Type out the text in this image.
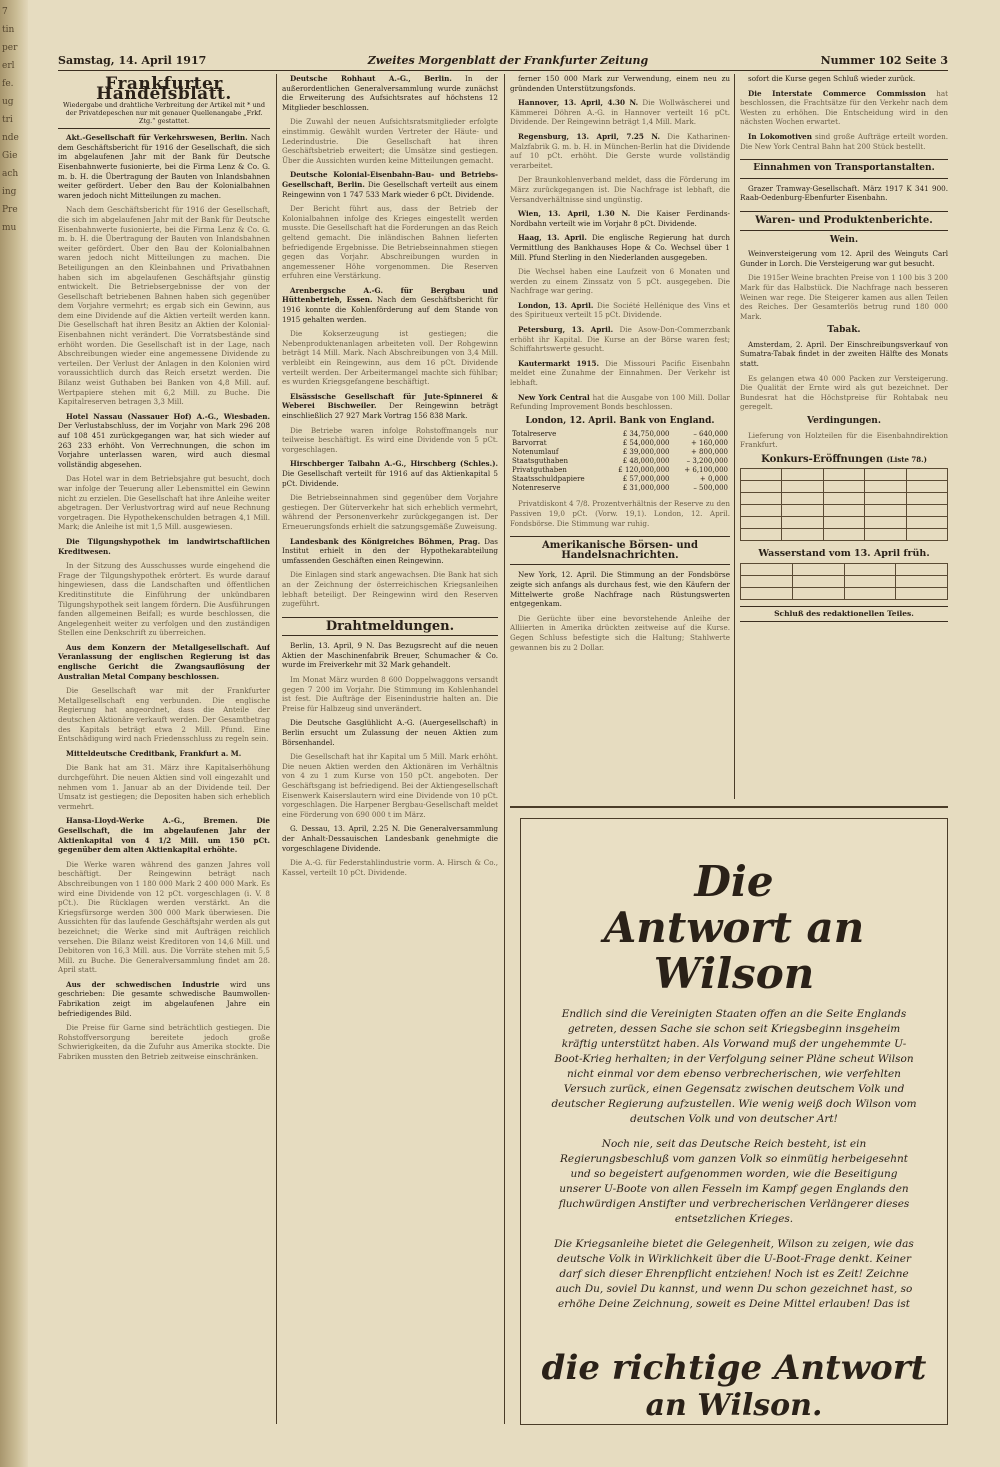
7
tin
per
erl
fe.
ug
tri
nde
Gie
ach
ing
Pre
mu
Samstag, 14. April 1917	Zweites Morgenblatt der Frankfurter Zeitung	Nummer 102 Seite 3
Frankfurter Handelsblatt.
Wiedergabe und drahtliche Verbreitung der Artikel mit * und der Privatdepeschen nur mit genauer Quellenangabe „Frkf. Ztg.“ gestattet.

Akt.-Gesellschaft für Verkehrswesen, Berlin. Nach dem Geschäftsbericht für 1916 der Gesellschaft, die sich im abgelaufenen Jahr mit der Bank für Deutsche Eisenbahnwerte fusionierte, bei die Firma Lenz & Co. G. m. b. H. die Übertragung der Bauten von Inlandsbahnen weiter gefördert. Ueber den Bau der Kolonialbahnen waren jedoch nicht Mitteilungen zu machen.

Nach dem Geschäftsbericht für 1916 der Gesellschaft, die sich im abgelaufenen Jahr mit der Bank für Deutsche Eisenbahnwerte fusionierte, bei die Firma Lenz & Co. G. m. b. H. die Übertragung der Bauten von Inlandsbahnen weiter gefördert. Über den Bau der Kolonialbahnen waren jedoch nicht Mitteilungen zu machen. Die Beteiligungen an den Kleinbahnen und Privatbahnen haben sich im abgelaufenen Geschäftsjahr günstig entwickelt. Die Betriebsergebnisse der von der Gesellschaft betriebenen Bahnen haben sich gegenüber dem Vorjahre vermehrt; es ergab sich ein Gewinn, aus dem eine Dividende auf die Aktien verteilt werden kann. Die Gesellschaft hat ihren Besitz an Aktien der Kolonial-Eisenbahnen nicht verändert. Die Vorratsbestände sind erhöht worden. Die Gesellschaft ist in der Lage, nach Abschreibungen wieder eine angemessene Dividende zu verteilen. Der Verlust der Anlagen in den Kolonien wird voraussichtlich durch das Reich ersetzt werden. Die Bilanz weist Guthaben bei Banken von 4,8 Mill. auf. Wertpapiere stehen mit 6,2 Mill. zu Buche. Die Kapitalreserven betragen 3,3 Mill.

Hotel Nassau (Nassauer Hof) A.-G., Wiesbaden. Der Verlustabschluss, der im Vorjahr von Mark 296 208 auf 108 451 zurückgegangen war, hat sich wieder auf 263 233 erhöht. Von Verrechnungen, die schon im Vorjahre unterlassen waren, wird auch diesmal vollständig abgesehen.

Das Hotel war in dem Betriebsjahre gut besucht, doch war infolge der Teuerung aller Lebensmittel ein Gewinn nicht zu erzielen. Die Gesellschaft hat ihre Anleihe weiter abgetragen. Der Verlustvortrag wird auf neue Rechnung vorgetragen. Die Hypothekenschulden betragen 4,1 Mill. Mark; die Anleihe ist mit 1,5 Mill. ausgewiesen.

Die Tilgungshypothek im landwirtschaftlichen Kreditwesen.

In der Sitzung des Ausschusses wurde eingehend die Frage der Tilgungshypothek erörtert. Es wurde darauf hingewiesen, dass die Landschaften und öffentlichen Kreditinstitute die Einführung der unkündbaren Tilgungshypothek seit langem fördern. Die Ausführungen fanden allgemeinen Beifall; es wurde beschlossen, die Angelegenheit weiter zu verfolgen und den zuständigen Stellen eine Denkschrift zu überreichen.

Aus dem Konzern der Metallgesellschaft. Auf Veranlassung der englischen Regierung ist das englische Gericht die Zwangsauflösung der Australian Metal Company beschlossen.

Die Gesellschaft war mit der Frankfurter Metallgesellschaft eng verbunden. Die englische Regierung hat angeordnet, dass die Anteile der deutschen Aktionäre verkauft werden. Der Gesamtbetrag des Kapitals beträgt etwa 2 Mill. Pfund. Eine Entschädigung wird nach Friedensschluss zu regeln sein.

Mitteldeutsche Creditbank, Frankfurt a. M.

Die Bank hat am 31. März ihre Kapitalserhöhung durchgeführt. Die neuen Aktien sind voll eingezahlt und nehmen vom 1. Januar ab an der Dividende teil. Der Umsatz ist gestiegen; die Depositen haben sich erheblich vermehrt.

Hansa-Lloyd-Werke A.-G., Bremen. Die Gesellschaft, die im abgelaufenen Jahr der Aktienkapital von 4 1/2 Mill. um 150 pCt. gegenüber dem alten Aktienkapital erhöhte.

Die Werke waren während des ganzen Jahres voll beschäftigt. Der Reingewinn beträgt nach Abschreibungen von 1 180 000 Mark 2 400 000 Mark. Es wird eine Dividende von 12 pCt. vorgeschlagen (i. V. 8 pCt.). Die Rücklagen werden verstärkt. An die Kriegsfürsorge werden 300 000 Mark überwiesen. Die Aussichten für das laufende Geschäftsjahr werden als gut bezeichnet; die Werke sind mit Aufträgen reichlich versehen. Die Bilanz weist Kreditoren von 14,6 Mill. und Debitoren von 16,3 Mill. aus. Die Vorräte stehen mit 5,5 Mill. zu Buche. Die Generalversammlung findet am 28. April statt.

Aus der schwedischen Industrie wird uns geschrieben: Die gesamte schwedische Baumwollen-Fabrikation zeigt im abgelaufenen Jahre ein befriedigendes Bild.

Die Preise für Garne sind beträchtlich gestiegen. Die Rohstoffversorgung bereitete jedoch große Schwierigkeiten, da die Zufuhr aus Amerika stockte. Die Fabriken mussten den Betrieb zeitweise einschränken.

Deutsche Rohhaut A.-G., Berlin. In der außerordentlichen Generalversammlung wurde zunächst die Erweiterung des Aufsichtsrates auf höchstens 12 Mitglieder beschlossen.

Die Zuwahl der neuen Aufsichtsratsmitglieder erfolgte einstimmig. Gewählt wurden Vertreter der Häute- und Lederindustrie. Die Gesellschaft hat ihren Geschäftsbetrieb erweitert; die Umsätze sind gestiegen. Über die Aussichten wurden keine Mitteilungen gemacht.

Deutsche Kolonial-Eisenbahn-Bau- und Betriebs-Gesellschaft, Berlin. Die Gesellschaft verteilt aus einem Reingewinn von 1 747 533 Mark wieder 6 pCt. Dividende.

Der Bericht führt aus, dass der Betrieb der Kolonialbahnen infolge des Krieges eingestellt werden musste. Die Gesellschaft hat die Forderungen an das Reich geltend gemacht. Die inländischen Bahnen lieferten befriedigende Ergebnisse. Die Betriebseinnahmen stiegen gegen das Vorjahr. Abschreibungen wurden in angemessener Höhe vorgenommen. Die Reserven erfuhren eine Verstärkung.

Arenbergsche A.-G. für Bergbau und Hüttenbetrieb, Essen. Nach dem Geschäftsbericht für 1916 konnte die Kohlenförderung auf dem Stande von 1915 gehalten werden.

Die Kokserzeugung ist gestiegen; die Nebenproduktenanlagen arbeiteten voll. Der Rohgewinn beträgt 14 Mill. Mark. Nach Abschreibungen von 3,4 Mill. verbleibt ein Reingewinn, aus dem 16 pCt. Dividende verteilt werden. Der Arbeitermangel machte sich fühlbar; es wurden Kriegsgefangene beschäftigt.

Elsässische Gesellschaft für Jute-Spinnerei & Weberei Bischweiler. Der Reingewinn beträgt einschließlich 27 927 Mark Vortrag 156 838 Mark.

Die Betriebe waren infolge Rohstoffmangels nur teilweise beschäftigt. Es wird eine Dividende von 5 pCt. vorgeschlagen.

Hirschberger Talbahn A.-G., Hirschberg (Schles.). Die Gesellschaft verteilt für 1916 auf das Aktienkapital 5 pCt. Dividende.

Die Betriebseinnahmen sind gegenüber dem Vorjahre gestiegen. Der Güterverkehr hat sich erheblich vermehrt, während der Personenverkehr zurückgegangen ist. Der Erneuerungsfonds erhielt die satzungsgemäße Zuweisung.

Landesbank des Königreiches Böhmen, Prag. Das Institut erhielt in den der Hypothekarabteilung umfassenden Geschäften einen Reingewinn.

Die Einlagen sind stark angewachsen. Die Bank hat sich an der Zeichnung der österreichischen Kriegsanleihen lebhaft beteiligt. Der Reingewinn wird den Reserven zugeführt.

Drahtmeldungen.

Berlin, 13. April, 9 N. Das Bezugsrecht auf die neuen Aktien der Maschinenfabrik Breuer, Schumacher & Co. wurde im Freiverkehr mit 32 Mark gehandelt.

Im Monat März wurden 8 600 Doppelwaggons versandt gegen 7 200 im Vorjahr. Die Stimmung im Kohlenhandel ist fest. Die Aufträge der Eisenindustrie halten an. Die Preise für Halbzeug sind unverändert.

Die Deutsche Gasglühlicht A.-G. (Auergesellschaft) in Berlin ersucht um Zulassung der neuen Aktien zum Börsenhandel.

Die Gesellschaft hat ihr Kapital um 5 Mill. Mark erhöht. Die neuen Aktien werden den Aktionären im Verhältnis von 4 zu 1 zum Kurse von 150 pCt. angeboten. Der Geschäftsgang ist befriedigend. Bei der Aktiengesellschaft Eisenwerk Kaiserslautern wird eine Dividende von 10 pCt. vorgeschlagen. Die Harpener Bergbau-Gesellschaft meldet eine Förderung von 690 000 t im März.

G. Dessau, 13. April, 2.25 N. Die Generalversammlung der Anhalt-Dessauischen Landesbank genehmigte die vorgeschlagene Dividende.

Die A.-G. für Federstahlindustrie vorm. A. Hirsch & Co., Kassel, verteilt 10 pCt. Dividende.

ferner 150 000 Mark zur Verwendung, einem neu zu gründenden Unterstützungsfonds.

Hannover, 13. April, 4.30 N. Die Wollwäscherei und Kämmerei Döhren A.-G. in Hannover verteilt 16 pCt. Dividende. Der Reingewinn beträgt 1,4 Mill. Mark.

Regensburg, 13. April, 7.25 N. Die Katharinen-Malzfabrik G. m. b. H. in München-Berlin hat die Dividende auf 10 pCt. erhöht. Die Gerste wurde vollständig verarbeitet.

Der Braunkohlenverband meldet, dass die Förderung im März zurückgegangen ist. Die Nachfrage ist lebhaft, die Versandverhältnisse sind ungünstig.

Wien, 13. April, 1.30 N. Die Kaiser Ferdinands-Nordbahn verteilt wie im Vorjahr 8 pCt. Dividende.

Haag, 13. April. Die englische Regierung hat durch Vermittlung des Bankhauses Hope & Co. Wechsel über 1 Mill. Pfund Sterling in den Niederlanden ausgegeben.

Die Wechsel haben eine Laufzeit von 6 Monaten und werden zu einem Zinssatz von 5 pCt. ausgegeben. Die Nachfrage war gering.

London, 13. April. Die Société Hellénique des Vins et des Spiritueux verteilt 15 pCt. Dividende.

Petersburg, 13. April. Die Asow-Don-Commerzbank erhöht ihr Kapital. Die Kurse an der Börse waren fest; Schiffahrtswerte gesucht.

Kautermarkt 1915. Die Missouri Pacific Eisenbahn meldet eine Zunahme der Einnahmen. Der Verkehr ist lebhaft.

New York Central hat die Ausgabe von 100 Mill. Dollar Refunding Improvement Bonds beschlossen.

London, 12. April. Bank von England.
Totalreserve	£ 34,750,000	– 640,000
Barvorrat	£ 54,000,000	+ 160,000
Notenumlauf	£ 39,000,000	+ 800,000
Staatsguthaben	£ 48,000,000	– 3,200,000
Privatguthaben	£ 120,000,000	+ 6,100,000
Staatsschuldpapiere	£ 57,000,000	+ 0,000
Notenreserve	£ 31,000,000	– 500,000

Privatdiskont 4 7/8. Prozentverhältnis der Reserve zu den Passiven 19,0 pCt. (Vorw. 19,1). London, 12. April. Fondsbörse. Die Stimmung war ruhig.

Amerikanische Börsen- und Handelsnachrichten.

New York, 12. April. Die Stimmung an der Fondsbörse zeigte sich anfangs als durchaus fest, wie den Käufern der Mittelwerte große Nachfrage nach Rüstungswerten entgegenkam.

Die Gerüchte über eine bevorstehende Anleihe der Alliierten in Amerika drückten zeitweise auf die Kurse. Gegen Schluss befestigte sich die Haltung; Stahlwerte gewannen bis zu 2 Dollar.

sofort die Kurse gegen Schluß wieder zurück.

Die Interstate Commerce Commission hat beschlossen, die Frachtsätze für den Verkehr nach dem Westen zu erhöhen. Die Entscheidung wird in den nächsten Wochen erwartet.

In Lokomotiven sind große Aufträge erteilt worden. Die New York Central Bahn hat 200 Stück bestellt.

Einnahmen von Transportanstalten.

Grazer Tramway-Gesellschaft. März 1917 K 341 900. Raab-Oedenburg-Ebenfurter Eisenbahn.

Waren- und Produktenberichte.
Wein.

Weinversteigerung vom 12. April des Weinguts Carl Gunder in Lorch. Die Versteigerung war gut besucht.

Die 1915er Weine brachten Preise von 1 100 bis 3 200 Mark für das Halbstück. Die Nachfrage nach besseren Weinen war rege. Die Steigerer kamen aus allen Teilen des Reiches. Der Gesamterlös betrug rund 180 000 Mark.

Tabak.

Amsterdam, 2. April. Der Einschreibungsverkauf von Sumatra-Tabak findet in der zweiten Hälfte des Monats statt.

Es gelangen etwa 40 000 Packen zur Versteigerung. Die Qualität der Ernte wird als gut bezeichnet. Der Bundesrat hat die Höchstpreise für Rohtabak neu geregelt.

Verdingungen.

Lieferung von Holzteilen für die Eisenbahndirektion Frankfurt.

Konkurs-Eröffnungen (Liste 78.)

Wasserstand vom 13. April früh.

Schluß des redaktionellen Teiles.
Die
Antwort an Wilson
Endlich sind die Vereinigten Staaten offen an die Seite Englands getreten, dessen Sache sie schon seit Kriegsbeginn insgeheim kräftig unterstützt haben. Als Vorwand muß der ungehemmte U-Boot-Krieg herhalten; in der Verfolgung seiner Pläne scheut Wilson nicht einmal vor dem ebenso verbrecherischen, wie verfehlten Versuch zurück, einen Gegensatz zwischen deutschem Volk und deutscher Regierung aufzustellen. Wie wenig weiß doch Wilson vom deutschen Volk und von deutscher Art!
Noch nie, seit das Deutsche Reich besteht, ist ein Regierungsbeschluß vom ganzen Volk so einmütig herbeigesehnt und so begeistert aufgenommen worden, wie die Beseitigung unserer U-Boote von allen Fesseln im Kampf gegen Englands den fluchwürdigen Anstifter und verbrecherischen Verlängerer dieses entsetzlichen Krieges.
Die Kriegsanleihe bietet die Gelegenheit, Wilson zu zeigen, wie das deutsche Volk in Wirklichkeit über die U-Boot-Frage denkt. Keiner darf sich dieser Ehrenpflicht entziehen! Noch ist es Zeit! Zeichne auch Du, soviel Du kannst, und wenn Du schon gezeichnet hast, so erhöhe Deine Zeichnung, soweit es Deine Mittel erlauben! Das ist
die richtige Antwort
an Wilson.
